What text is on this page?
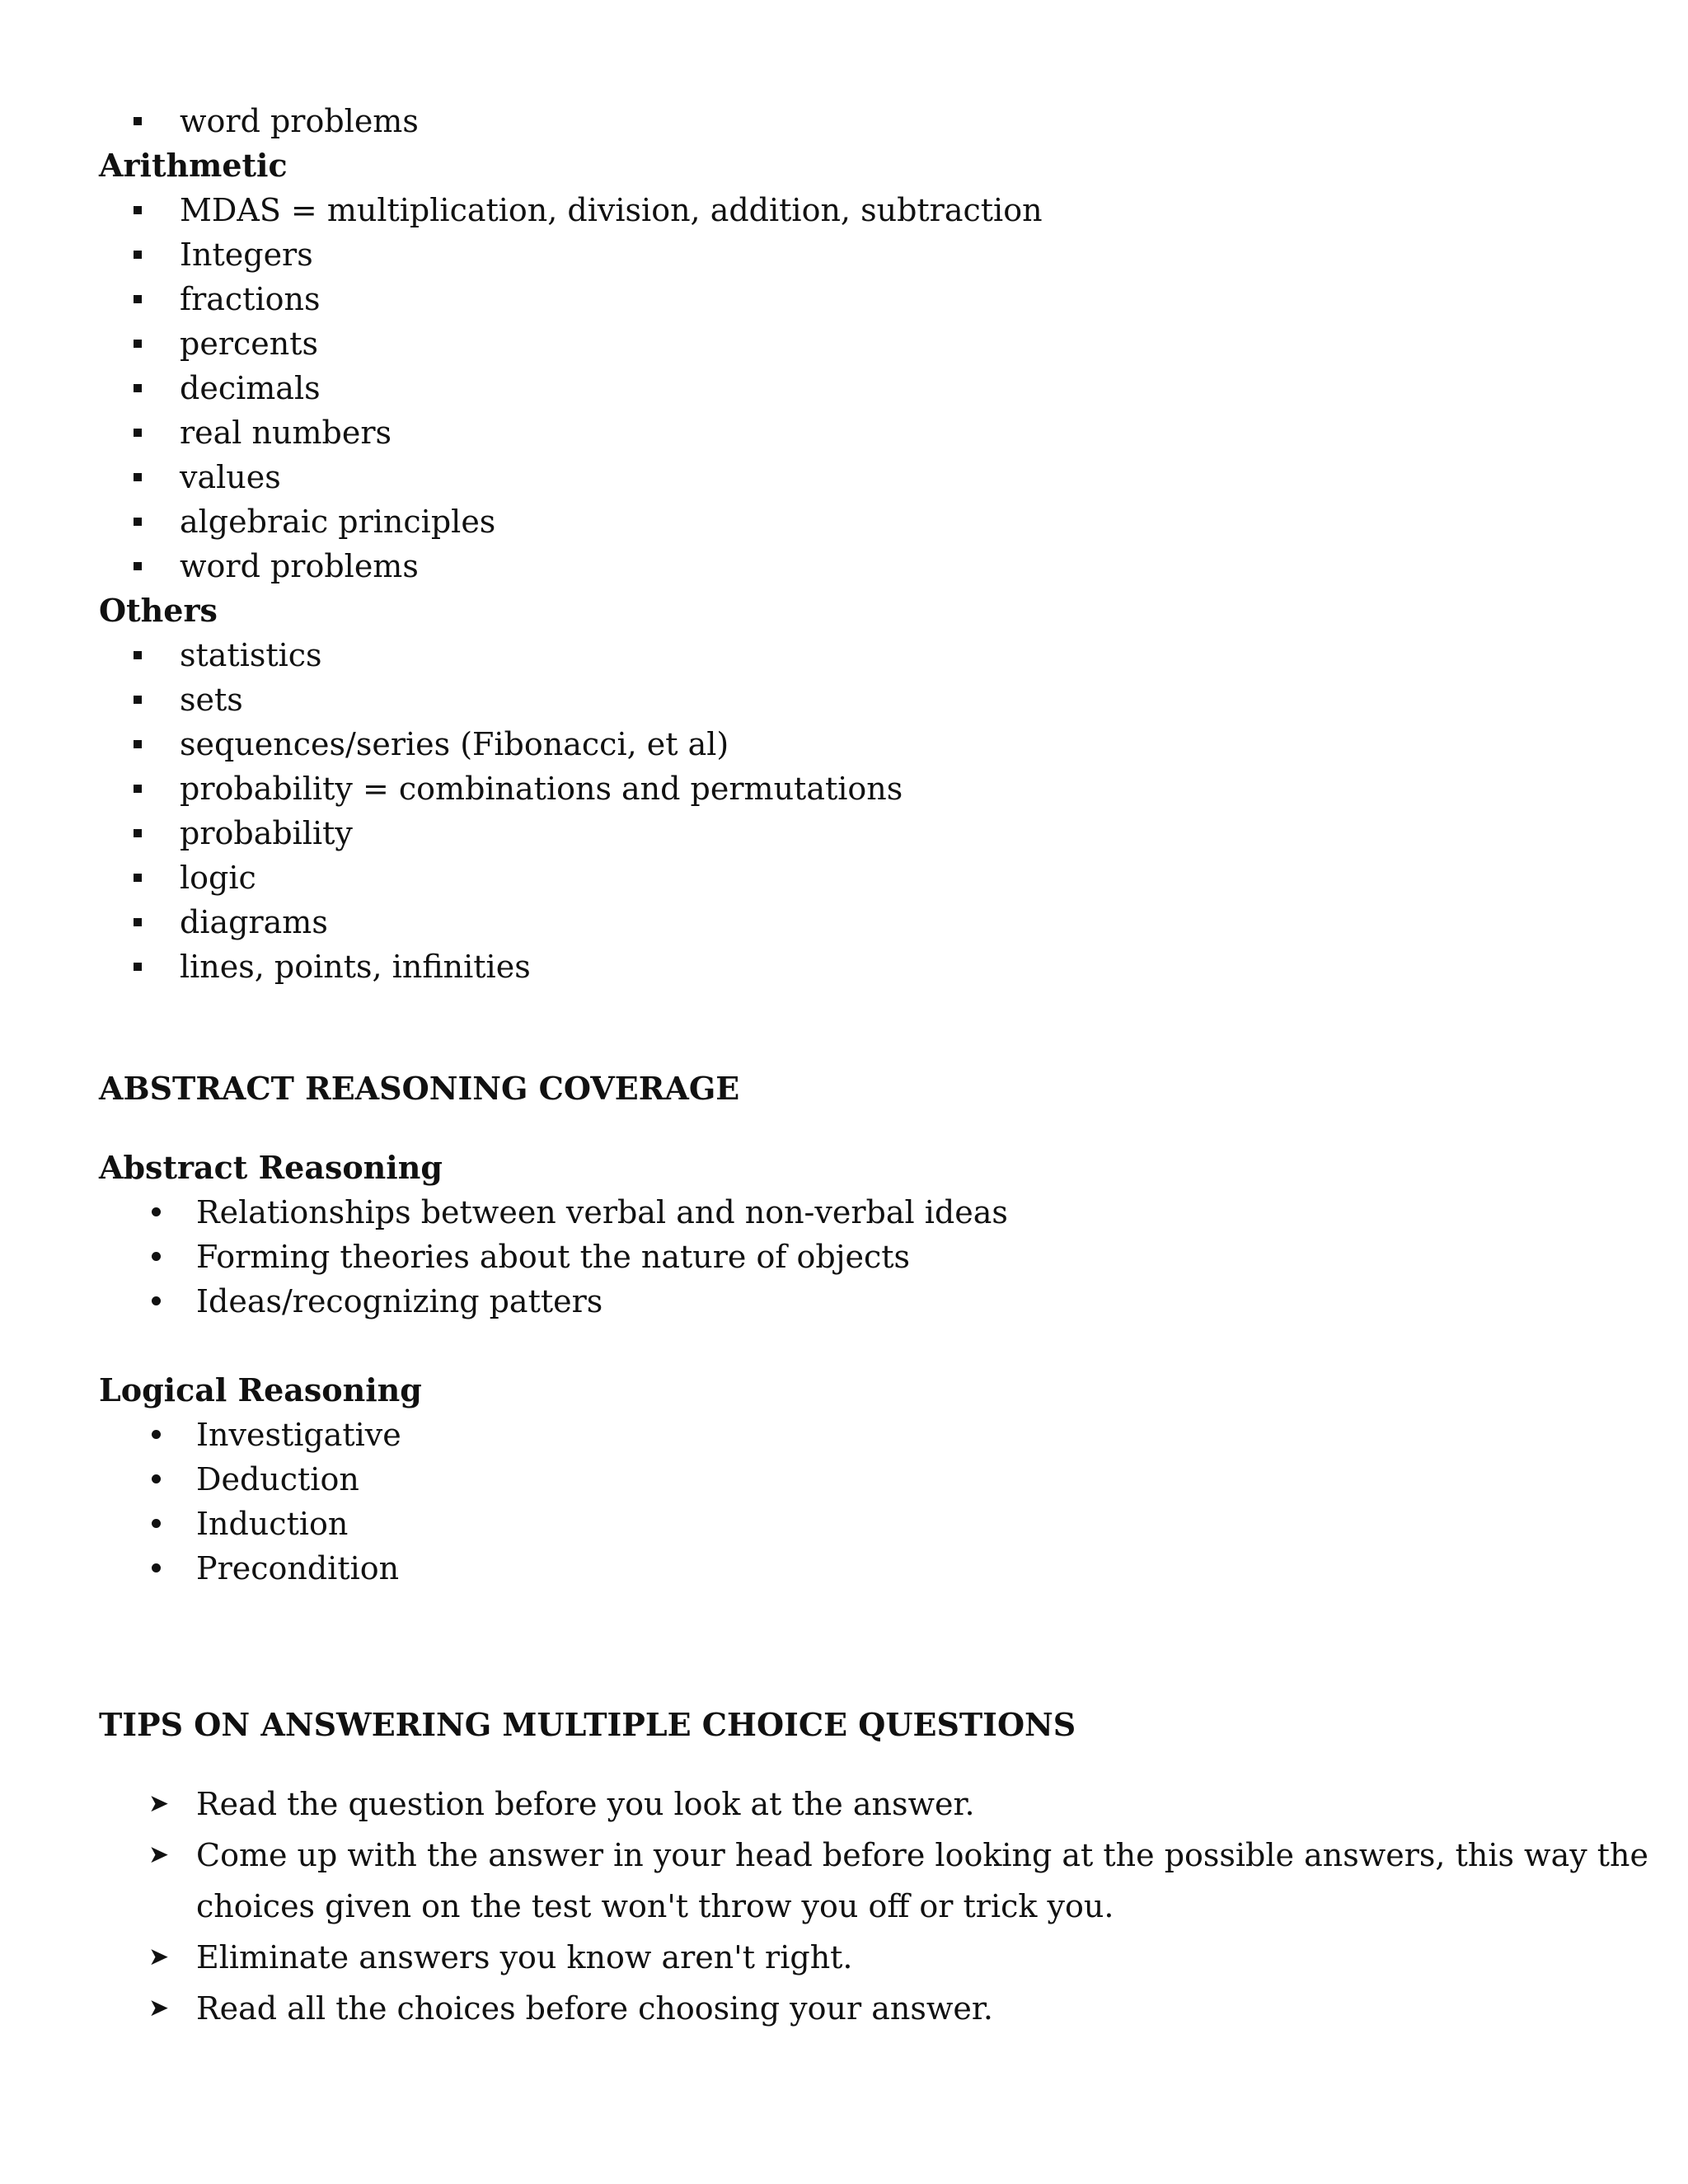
word problems
Arithmetic
MDAS = multiplication, division, addition, subtraction
Integers
fractions
percents
decimals
real numbers
values
algebraic principles
word problems
Others
statistics
sets
sequences/series (Fibonacci, et al)
probability = combinations and permutations
probability
logic
diagrams
lines, points, infinities
ABSTRACT REASONING COVERAGE
Abstract Reasoning
Relationships between verbal and non-verbal ideas
Forming theories about the nature of objects
Ideas/recognizing patters
Logical Reasoning
Investigative
Deduction
Induction
Precondition
TIPS ON ANSWERING MULTIPLE CHOICE QUESTIONS
➤ Read the question before you look at the answer.
➤ Come up with the answer in your head before looking at the possible answers, this way the
choices given on the test won't throw you off or trick you.
➤ Eliminate answers you know aren't right.
➤ Read all the choices before choosing your answer.
